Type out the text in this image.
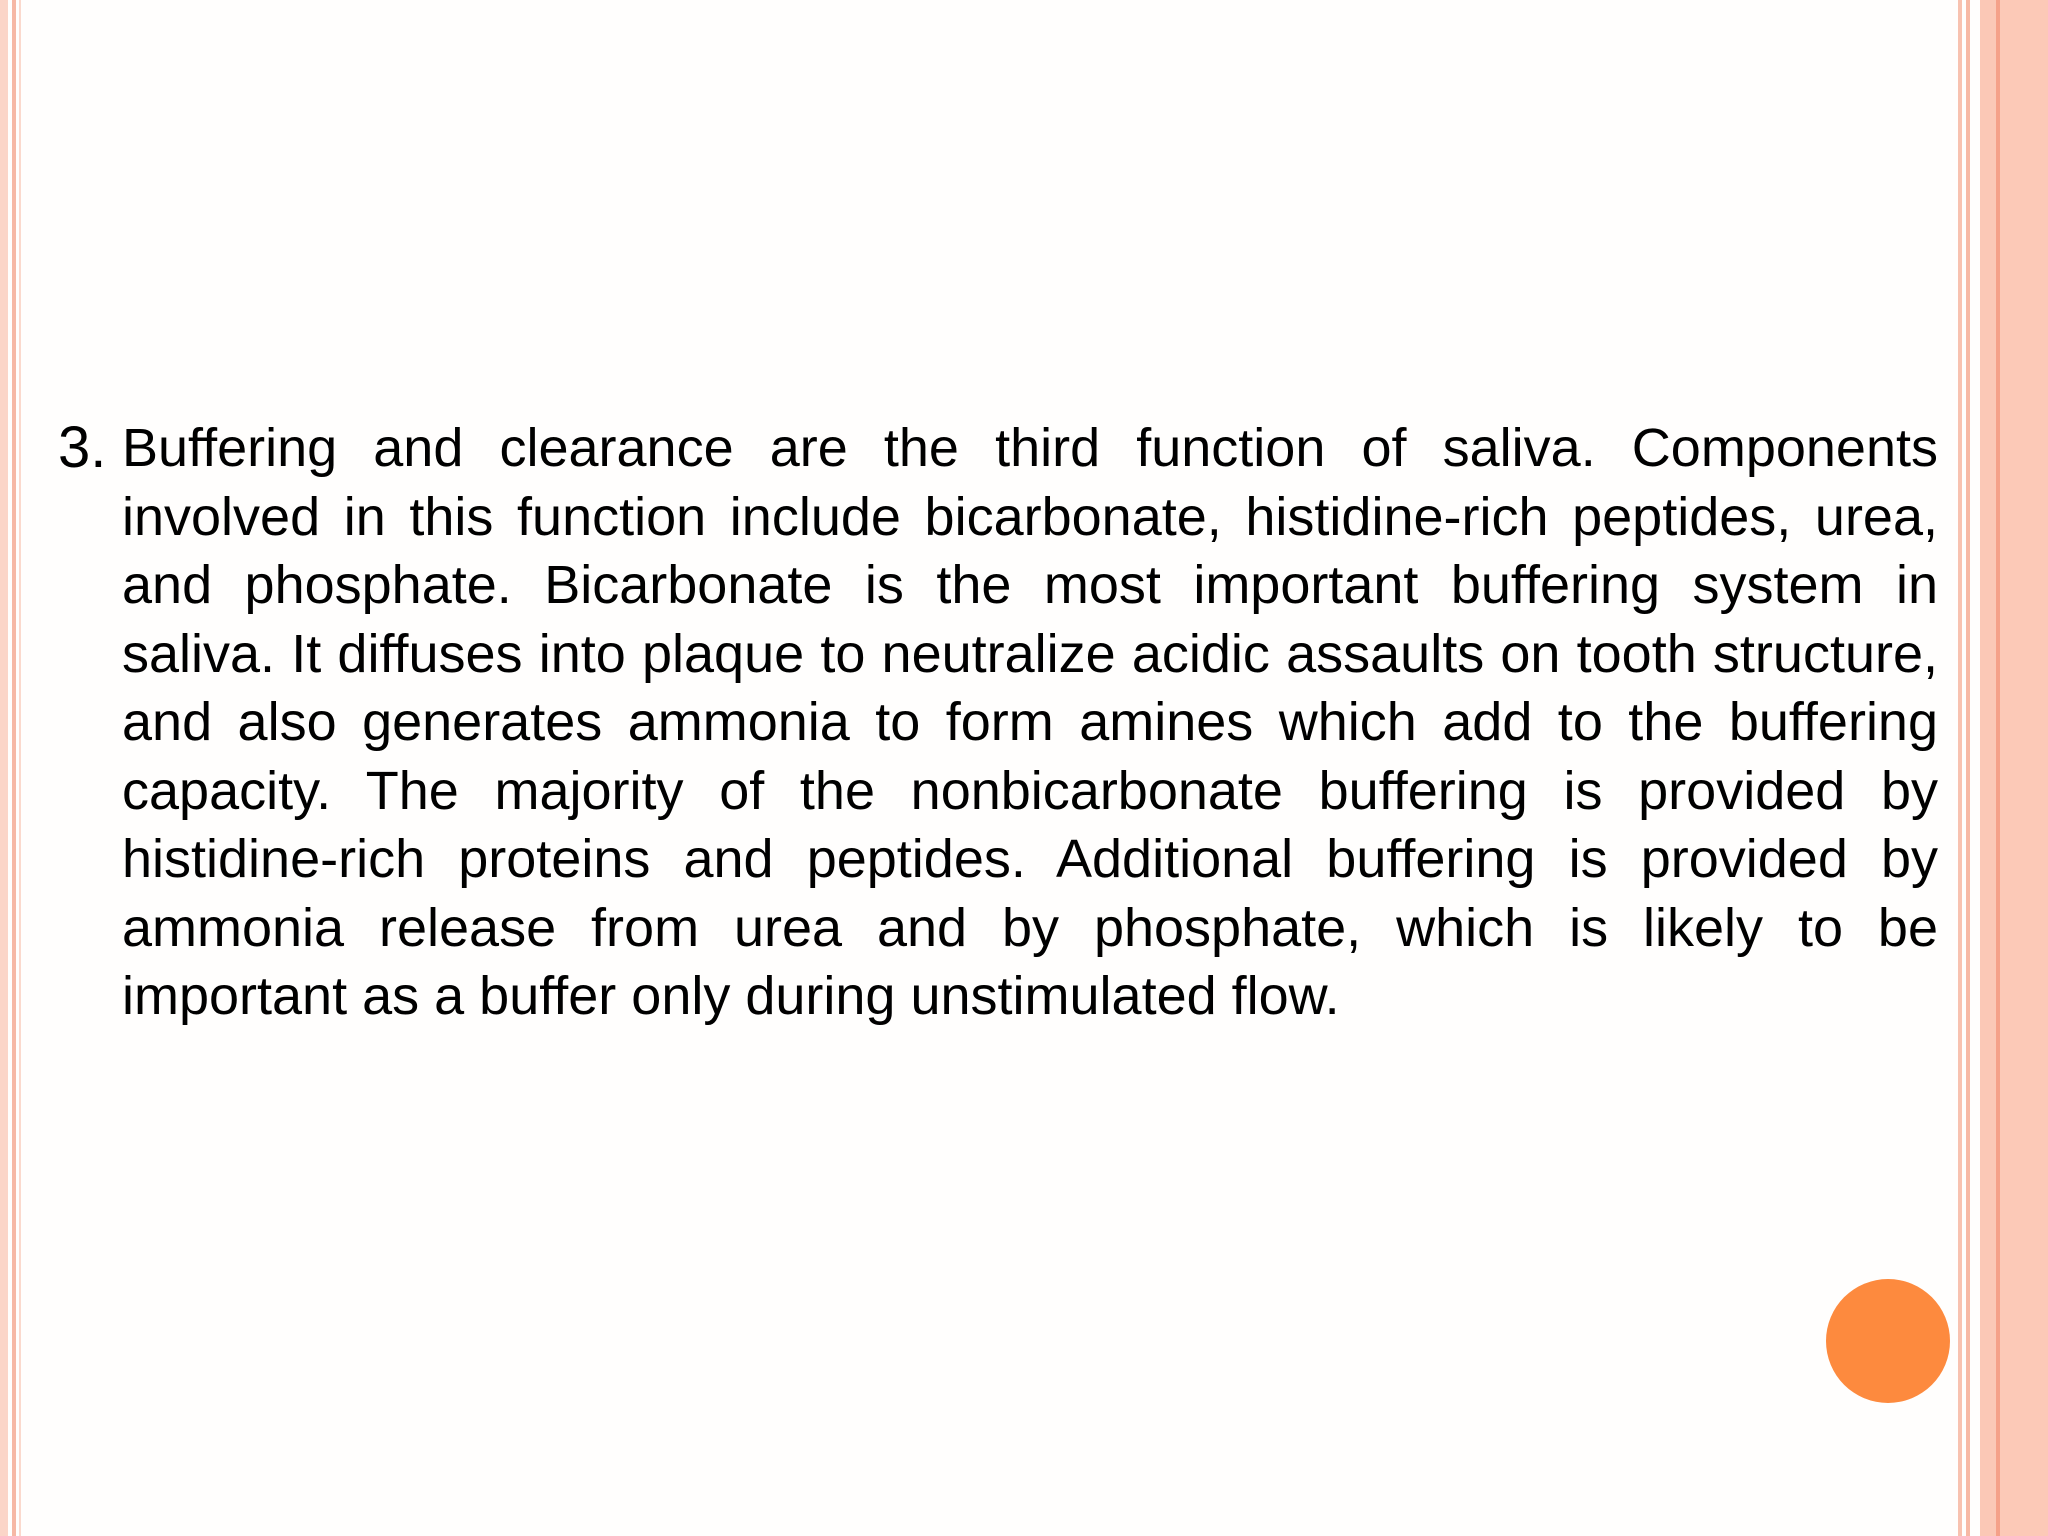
3. Buffering and clearance are the third function of saliva. Components involved in this function include bicarbonate, histidine-rich peptides, urea, and phosphate. Bicarbonate is the most important buffering system in saliva. It diffuses into plaque to neutralize acidic assaults on tooth structure, and also generates ammonia to form amines which add to the buffering capacity. The majority of the nonbicarbonate buffering is provided by histidine-rich proteins and peptides. Additional buffering is provided by ammonia release from urea and by phosphate, which is likely to be important as a buffer only during unstimulated flow.
